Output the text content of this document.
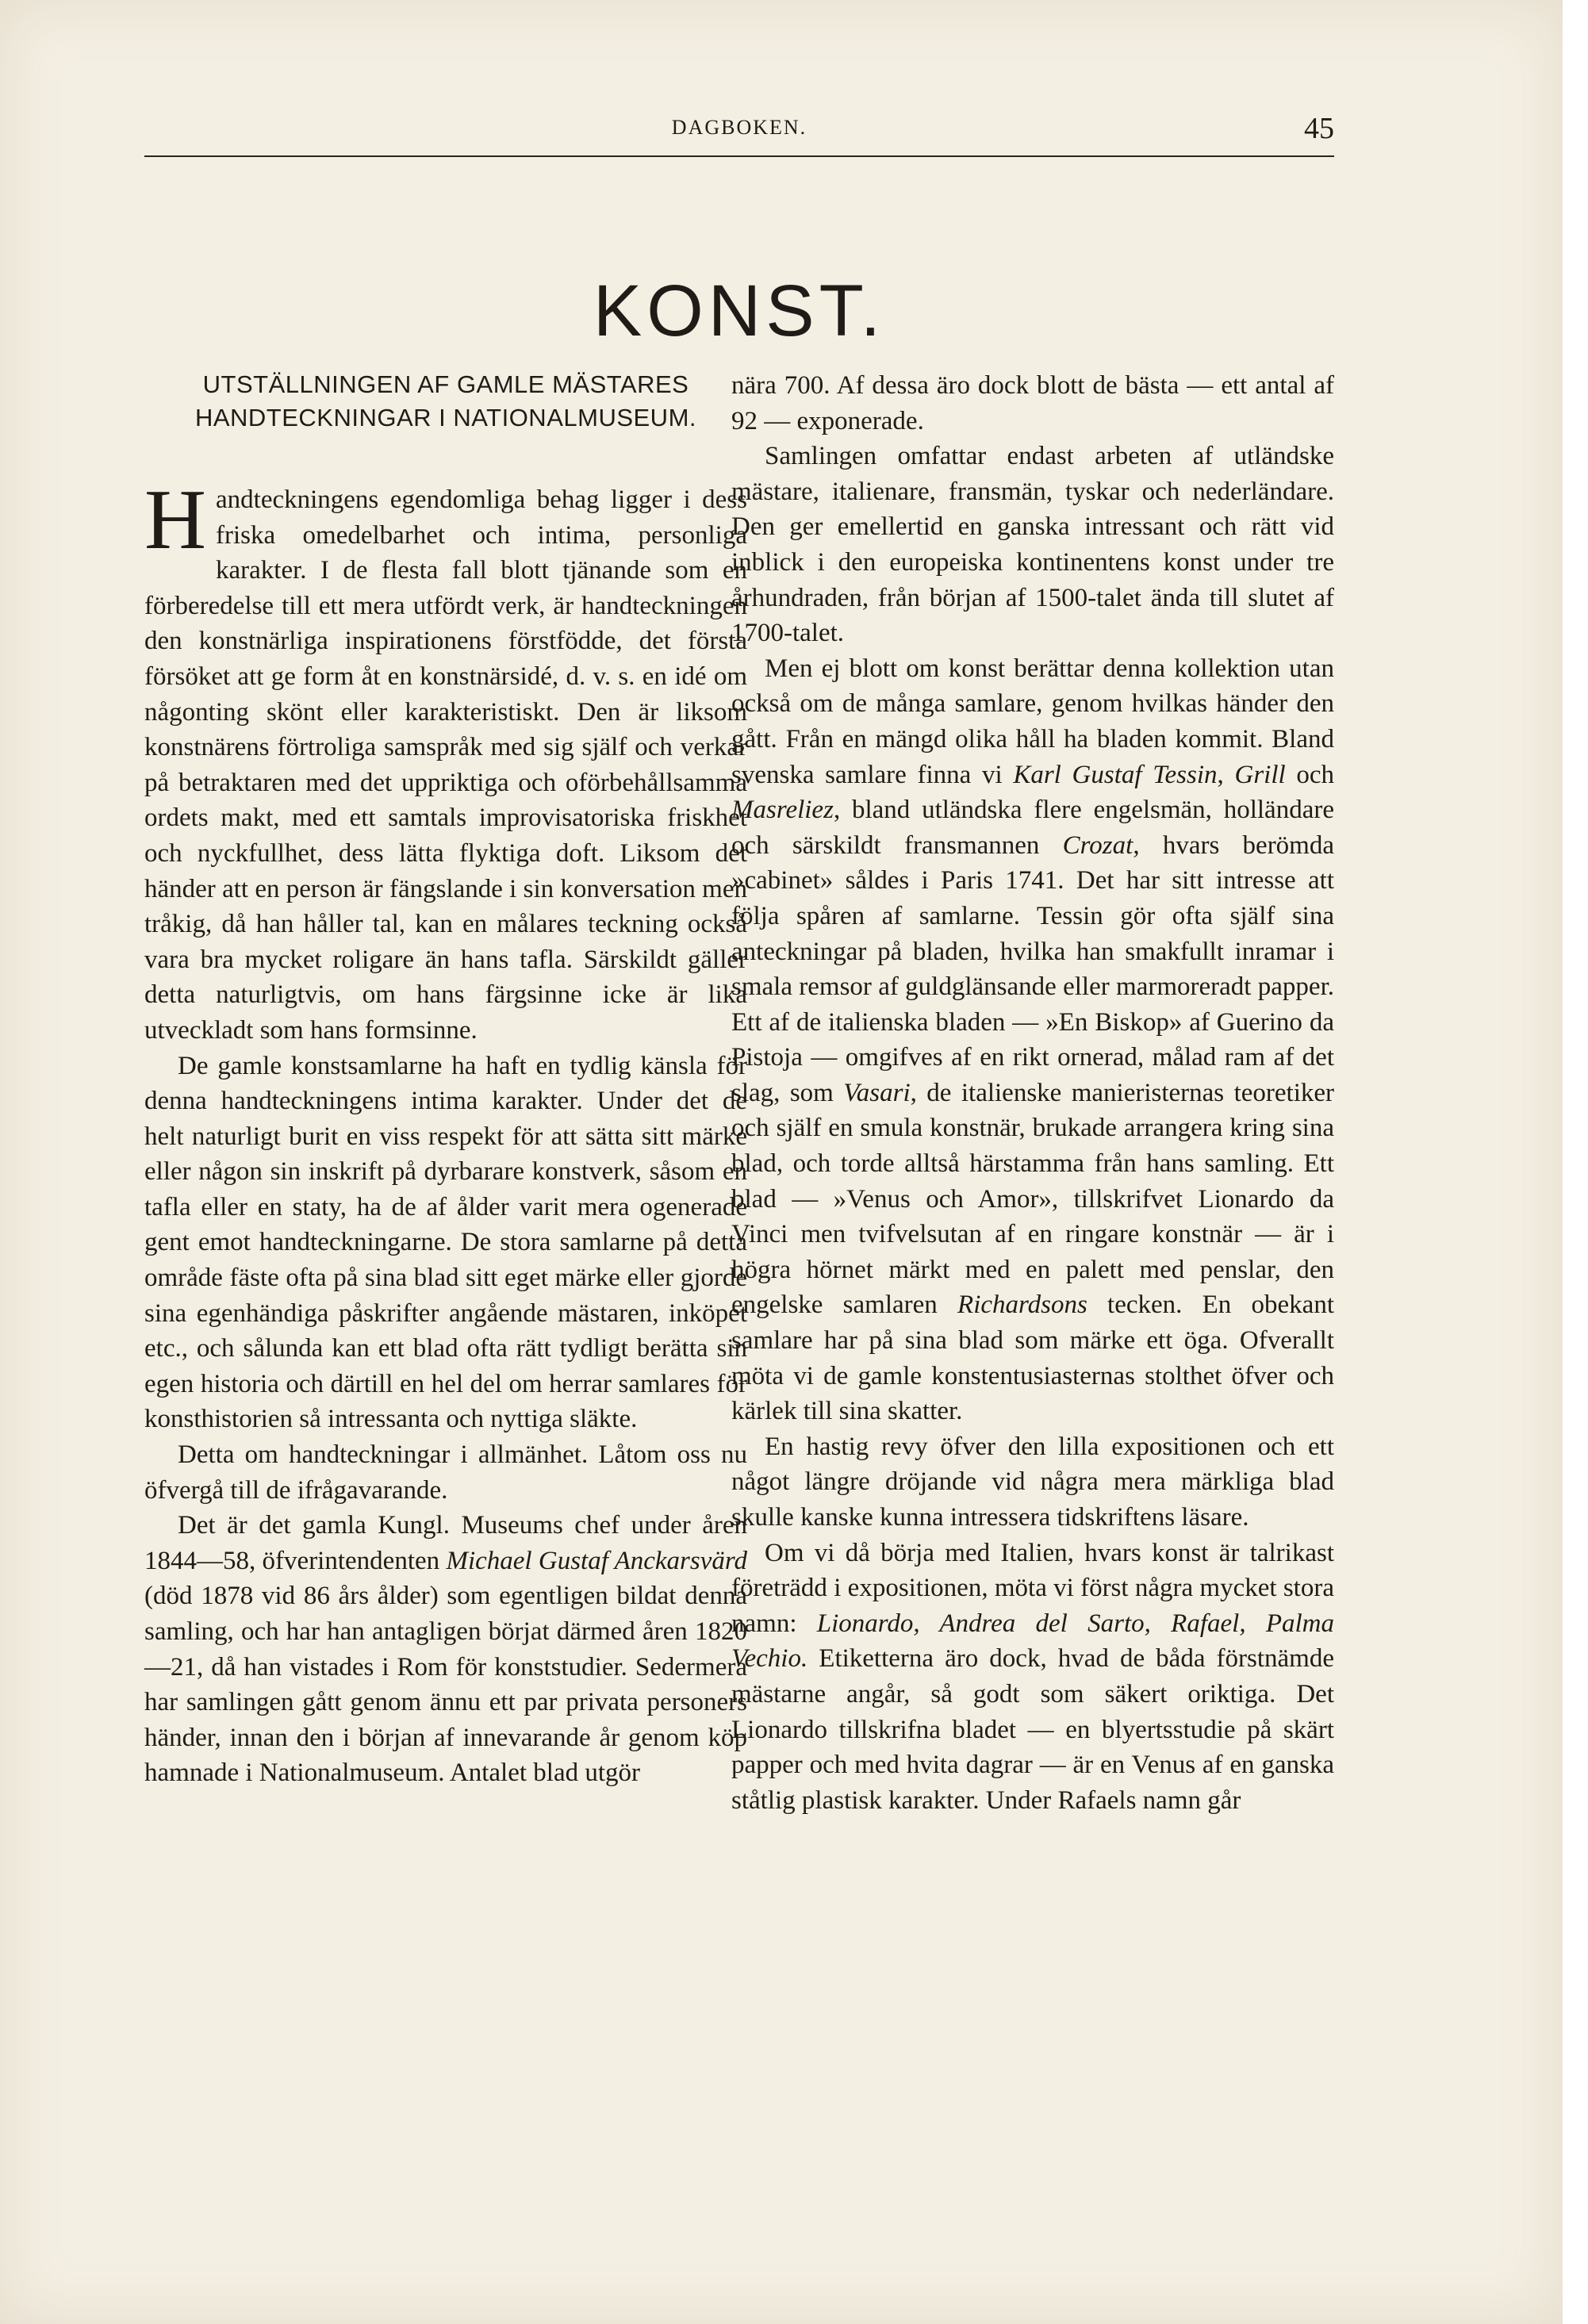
DAGBOKEN.	45
KONST.
UTSTÄLLNINGEN AF GAMLE MÄSTARES HANDTECKNINGAR I NATIONALMUSEUM.

Handteckningens egendomliga behag ligger i dess friska omedelbarhet och intima, personliga karakter. I de flesta fall blott tjänande som en förberedelse till ett mera utfördt verk, är handteckningen den konstnärliga inspirationens förstfödde, det första försöket att ge form åt en konstnärsidé, d. v. s. en idé om någonting skönt eller karakteristiskt. Den är liksom konstnärens förtroliga samspråk med sig själf och verkar på betraktaren med det uppriktiga och oförbehållsamma ordets makt, med ett samtals improvisatoriska friskhet och nyckfullhet, dess lätta flyktiga doft. Liksom det händer att en person är fängslande i sin konversation men tråkig, då han håller tal, kan en målares teckning också vara bra mycket roligare än hans tafla. Särskildt gäller detta naturligtvis, om hans färgsinne icke är lika utveckladt som hans formsinne.

De gamle konstsamlarne ha haft en tydlig känsla för denna handteckningens intima karakter. Under det de helt naturligt burit en viss respekt för att sätta sitt märke eller någon sin inskrift på dyrbarare konstverk, såsom en tafla eller en staty, ha de af ålder varit mera ogenerade gent emot handteckningarne. De stora samlarne på detta område fäste ofta på sina blad sitt eget märke eller gjorde sina egenhändiga påskrifter angående mästaren, inköpet etc., och sålunda kan ett blad ofta rätt tydligt berätta sin egen historia och därtill en hel del om herrar samlares för konsthistorien så intressanta och nyttiga släkte.

Detta om handteckningar i allmänhet. Låtom oss nu öfvergå till de ifrågavarande.

Det är det gamla Kungl. Museums chef under åren 1844—58, öfverintendenten Michael Gustaf Anckarsvärd (död 1878 vid 86 års ålder) som egentligen bildat denna samling, och har han antagligen börjat därmed åren 1820—21, då han vistades i Rom för konststudier. Sedermera har samlingen gått genom ännu ett par privata personers händer, innan den i början af innevarande år genom köp hamnade i Nationalmuseum. Antalet blad utgör

nära 700. Af dessa äro dock blott de bästa — ett antal af 92 — exponerade.

Samlingen omfattar endast arbeten af utländske mästare, italienare, fransmän, tyskar och nederländare. Den ger emellertid en ganska intressant och rätt vid inblick i den europeiska kontinentens konst under tre århundraden, från början af 1500-talet ända till slutet af 1700-talet.

Men ej blott om konst berättar denna kollektion utan också om de många samlare, genom hvilkas händer den gått. Från en mängd olika håll ha bladen kommit. Bland svenska samlare finna vi Karl Gustaf Tessin, Grill och Masreliez, bland utländska flere engelsmän, holländare och särskildt fransmannen Crozat, hvars berömda »cabinet» såldes i Paris 1741. Det har sitt intresse att följa spåren af samlarne. Tessin gör ofta själf sina anteckningar på bladen, hvilka han smakfullt inramar i smala remsor af guldglänsande eller marmoreradt papper. Ett af de italienska bladen — »En Biskop» af Guerino da Pistoja — omgifves af en rikt ornerad, målad ram af det slag, som Vasari, de italienske manieristernas teoretiker och själf en smula konstnär, brukade arrangera kring sina blad, och torde alltså härstamma från hans samling. Ett blad — »Venus och Amor», tillskrifvet Lionardo da Vinci men tvifvelsutan af en ringare konstnär — är i högra hörnet märkt med en palett med penslar, den engelske samlaren Richardsons tecken. En obekant samlare har på sina blad som märke ett öga. Ofverallt möta vi de gamle konstentusiasternas stolthet öfver och kärlek till sina skatter.

En hastig revy öfver den lilla expositionen och ett något längre dröjande vid några mera märkliga blad skulle kanske kunna intressera tidskriftens läsare.

Om vi då börja med Italien, hvars konst är talrikast företrädd i expositionen, möta vi först några mycket stora namn: Lionardo, Andrea del Sarto, Rafael, Palma Vechio. Etiketterna äro dock, hvad de båda förstnämde mästarne angår, så godt som säkert oriktiga. Det Lionardo tillskrifna bladet — en blyertsstudie på skärt papper och med hvita dagrar — är en Venus af en ganska ståtlig plastisk karakter. Under Rafaels namn går
